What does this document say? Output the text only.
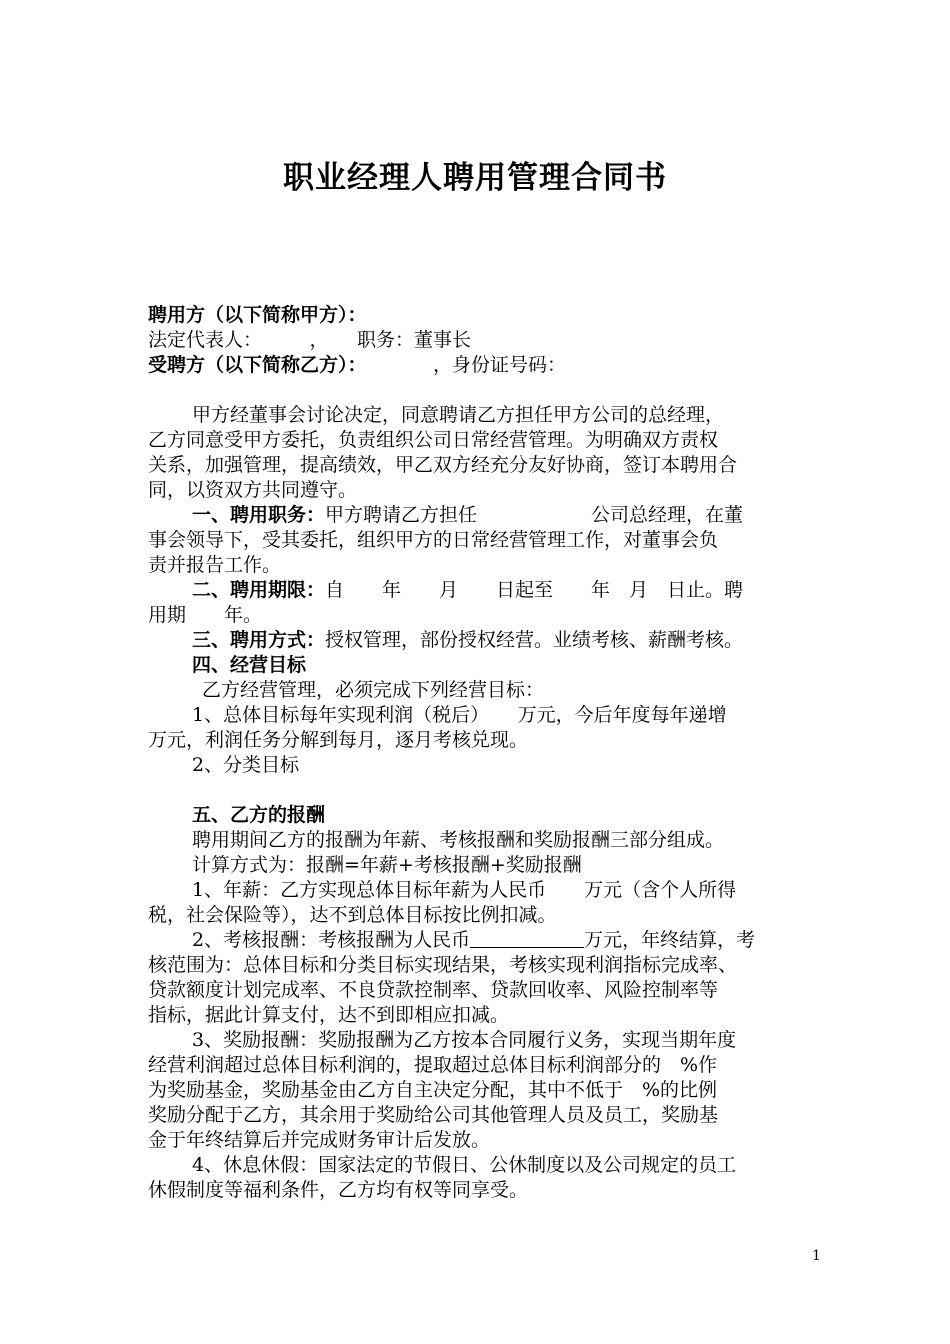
职业经理人聘用管理合同书
聘用方（以下简称甲方）：
法定代表人：　　　，　　职务：董事长
受聘方（以下简称乙方）：　　　　，身份证号码：
甲方经董事会讨论决定，同意聘请乙方担任甲方公司的总经理，
乙方同意受甲方委托，负责组织公司日常经营管理。为明确双方责权
关系，加强管理，提高绩效，甲乙双方经充分友好协商，签订本聘用合
同，以资双方共同遵守。
一、聘用职务：甲方聘请乙方担任　　　　　　公司总经理，在董
事会领导下，受其委托，组织甲方的日常经营管理工作，对董事会负
责并报告工作。
二、聘用期限：自　　年　　月　　日起至　　年　月　日止。聘
用期　　年。
三、聘用方式：授权管理，部份授权经营。业绩考核、薪酬考核。
四、经营目标
乙方经营管理，必须完成下列经营目标：
1、总体目标每年实现利润（税后）　　万元，今后年度每年递增
万元，利润任务分解到每月，逐月考核兑现。
2、分类目标
五、乙方的报酬
聘用期间乙方的报酬为年薪、考核报酬和奖励报酬三部分组成。
计算方式为：报酬=年薪+考核报酬+奖励报酬
1、年薪：乙方实现总体目标年薪为人民币　　万元（含个人所得
税，社会保险等），达不到总体目标按比例扣减。
2、考核报酬：考核报酬为人民币　　　　　　	万元，年终结算，考
核范围为：总体目标和分类目标实现结果，考核实现利润指标完成率、
贷款额度计划完成率、不良贷款控制率、贷款回收率、风险控制率等
指标，据此计算支付，达不到即相应扣减。
3、奖励报酬：奖励报酬为乙方按本合同履行义务，实现当期年度
经营利润超过总体目标利润的，提取超过总体目标利润部分的　%作
为奖励基金，奖励基金由乙方自主决定分配，其中不低于　%的比例
奖励分配于乙方，其余用于奖励给公司其他管理人员及员工，奖励基
金于年终结算后并完成财务审计后发放。
4、休息休假：国家法定的节假日、公休制度以及公司规定的员工
休假制度等福利条件，乙方均有权等同享受。
1
